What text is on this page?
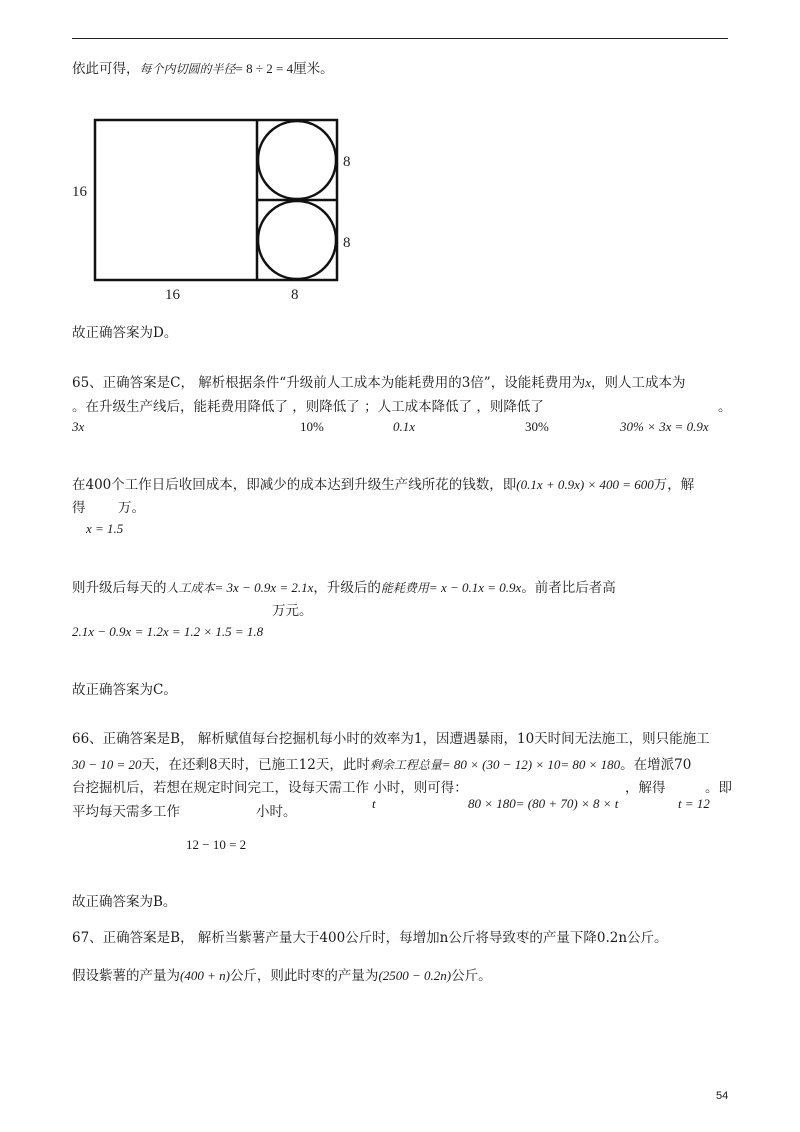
依此可得，每个内切圆的半径= 8 ÷ 2 = 4厘米。
16
8
8
16	8
故正确答案为D。
65、正确答案是C， 解析根据条件“升级前人工成本为能耗费用的3倍”，设能耗费用为x，则人工成本为
。在升级生产线后，能耗费用降低了 ，则降低了 ；人工成本降低了 ，则降低了	。
3x	10%	0.1x	30%	30% × 3x = 0.9x
在400个工作日后收回成本，即减少的成本达到升级生产线所花的钱数，即(0.1x + 0.9x) × 400 = 600万，解
得 万。
x = 1.5
则升级后每天的人工成本= 3x − 0.9x = 2.1x，升级后的能耗费用= x − 0.1x = 0.9x。前者比后者高
万元。
2.1x − 0.9x = 1.2x = 1.2 × 1.5 = 1.8
故正确答案为C。
66、正确答案是B， 解析赋值每台挖掘机每小时的效率为1，因遭遇暴雨，10天时间无法施工，则只能施工
30 − 10 = 20天，在还剩8天时，已施工12天，此时剩余工程总量= 80 × (30 − 12) × 10= 80 × 180。在增派70
台挖掘机后，若想在规定时间完工，设每天需工作 小时，则可得：	，解得	。即
平均每天需多工作	小时。
t	80 × 180= (80 + 70) × 8 × t	t = 12
12 − 10 = 2
故正确答案为B。
67、正确答案是B， 解析当紫薯产量大于400公斤时，每增加n公斤将导致枣的产量下降0.2n公斤。
假设紫薯的产量为(400 + n)公斤，则此时枣的产量为(2500 − 0.2n)公斤。
54
